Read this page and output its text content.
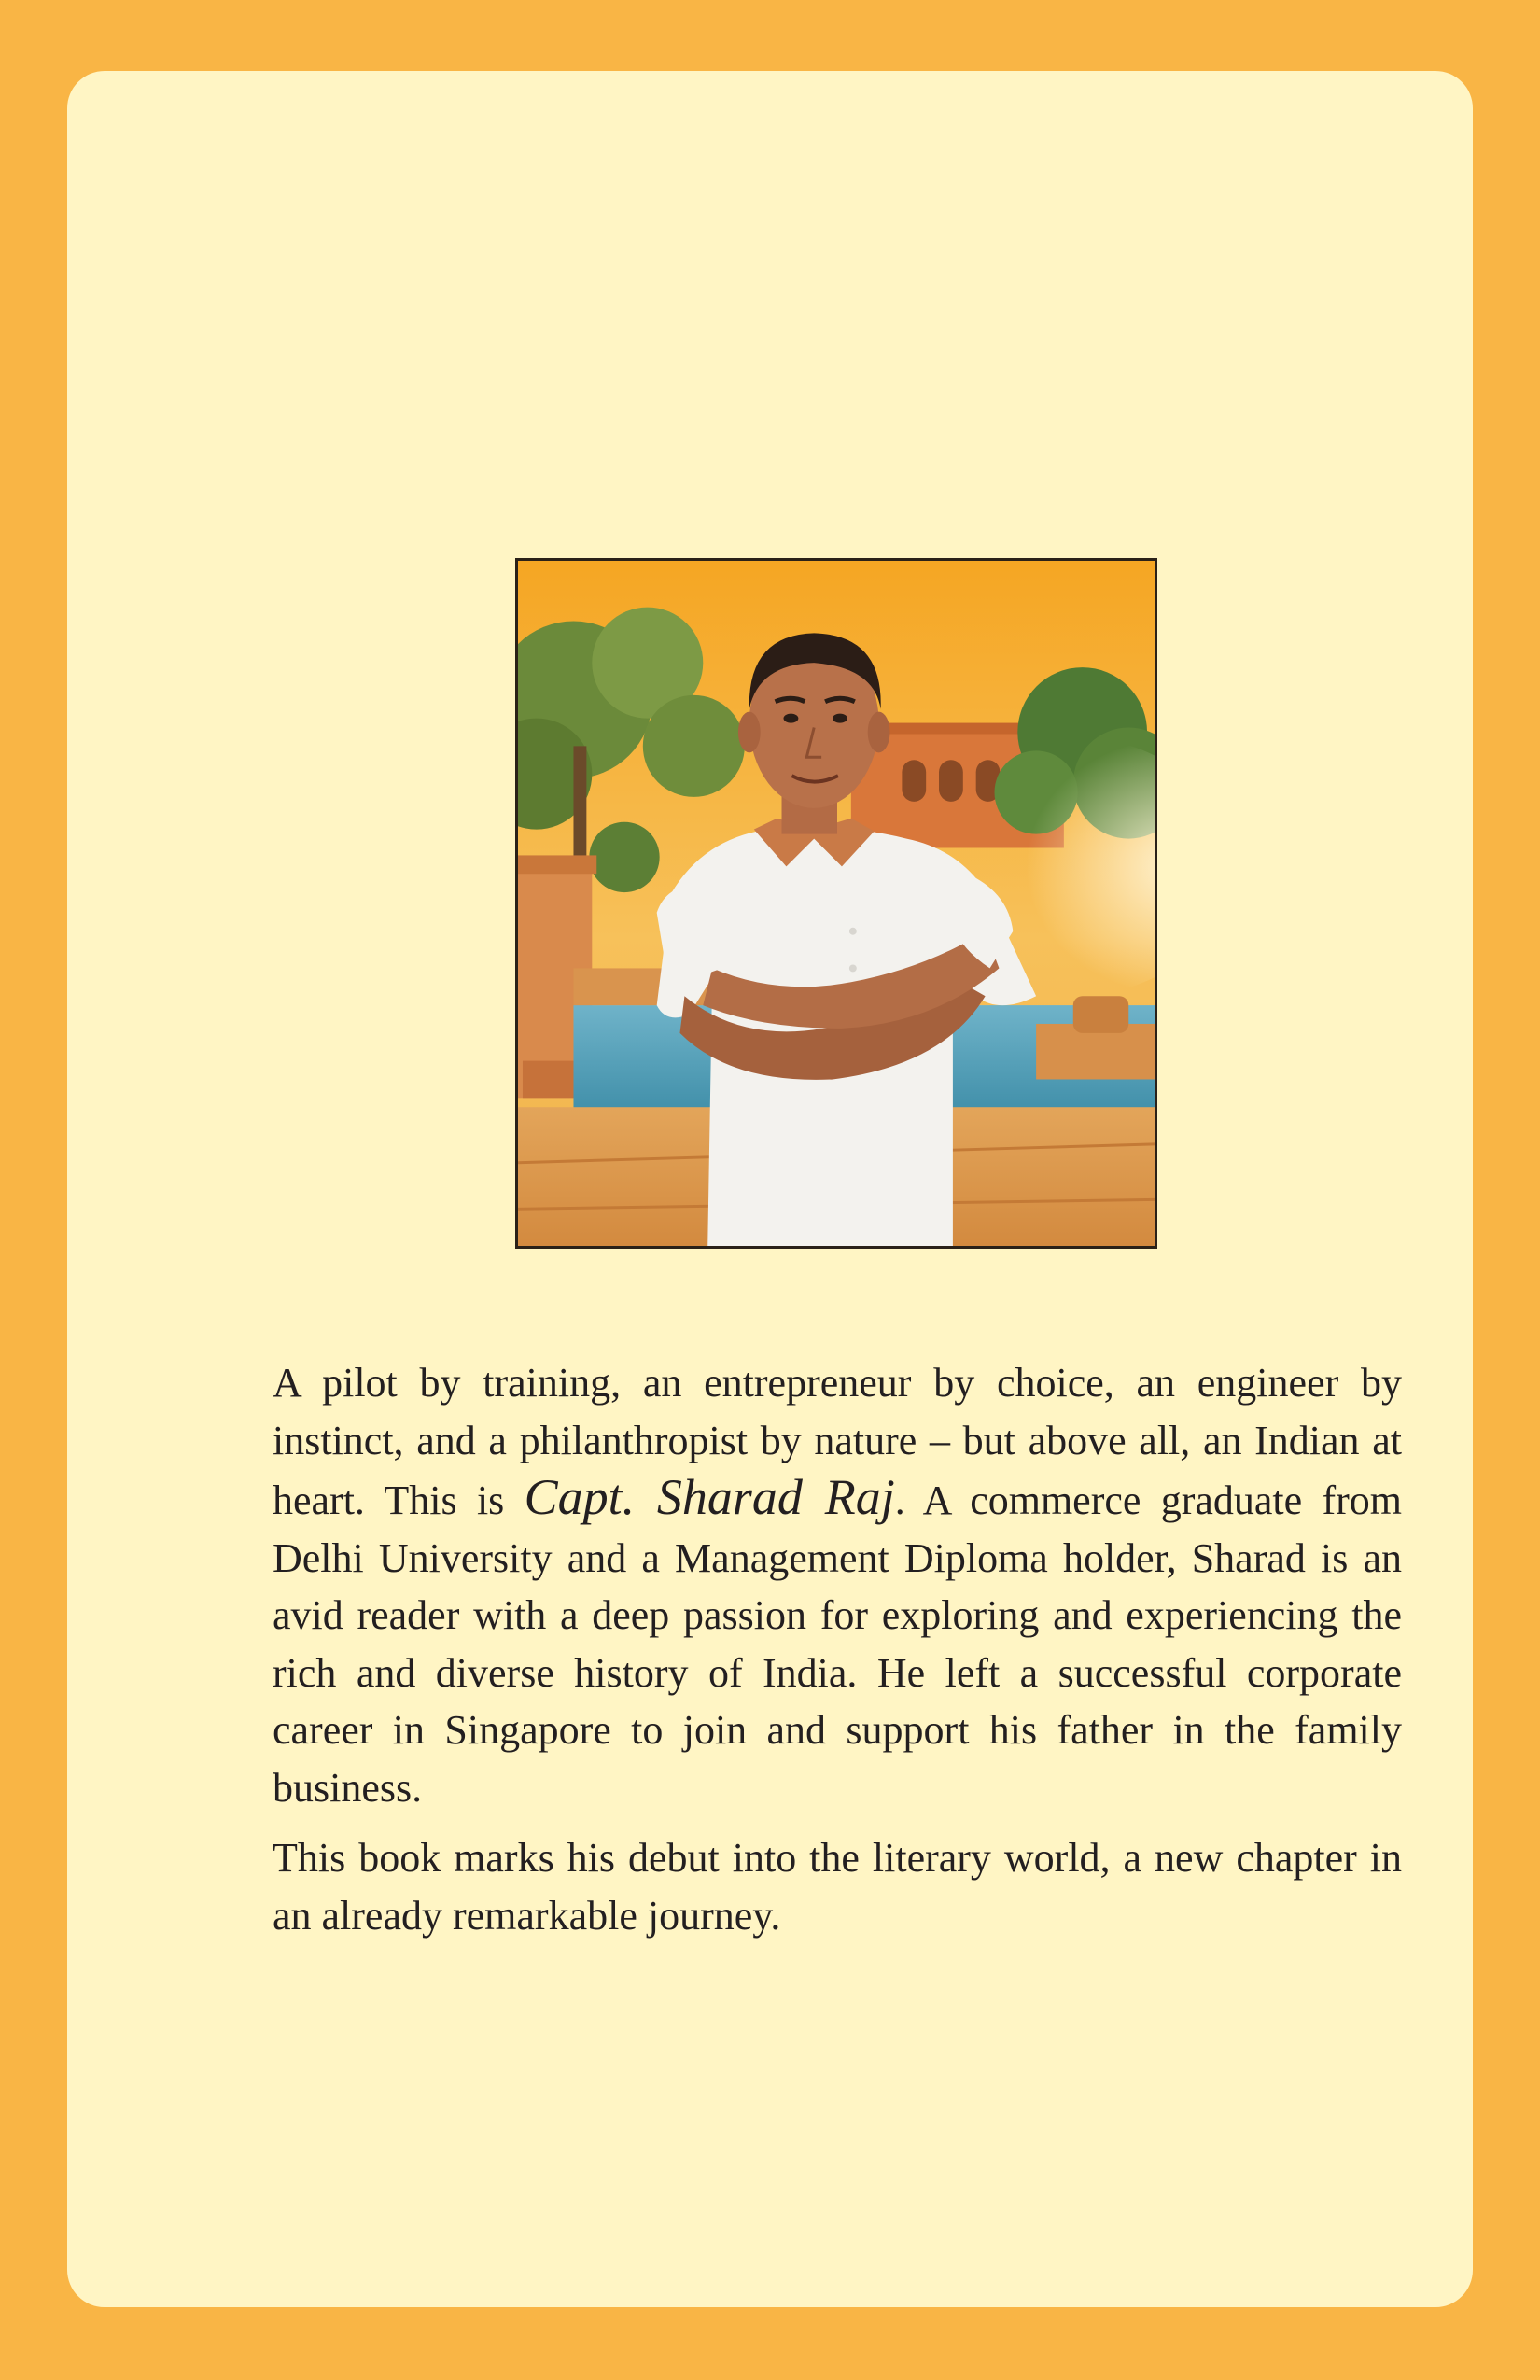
A pilot by training, an entrepreneur by choice, an engineer by instinct, and a philanthropist by nature – but above all, an Indian at heart. This is Capt. Sharad Raj. A commerce graduate from Delhi University and a Management Diploma holder, Sharad is an avid reader with a deep passion for exploring and experiencing the rich and diverse history of India. He left a successful corporate career in Singapore to join and support his father in the family business.

This book marks his debut into the literary world, a new chapter in an already remarkable journey.
